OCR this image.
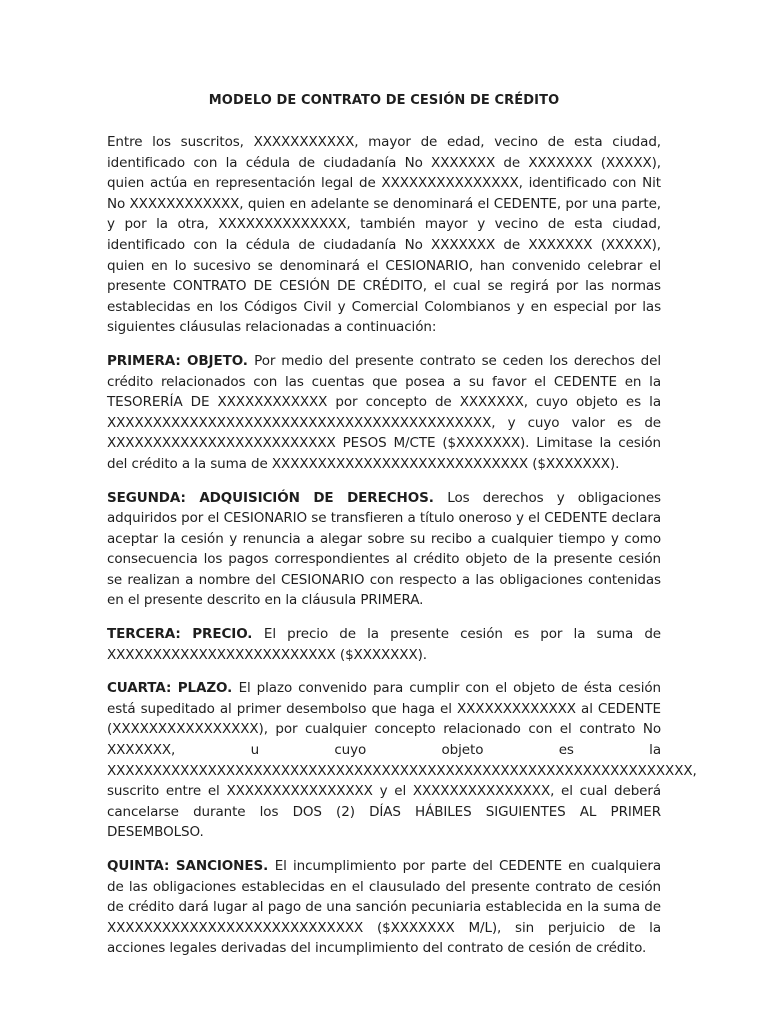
MODELO DE CONTRATO DE CESIÓN DE CRÉDITO

Entre los suscritos, XXXXXXXXXXX, mayor de edad, vecino de esta ciudad, identificado con la cédula de ciudadanía No XXXXXXX de XXXXXXX (XXXXX), quien actúa en representación legal de XXXXXXXXXXXXXXX, identificado con Nit No XXXXXXXXXXXX, quien en adelante se denominará el CEDENTE, por una parte, y por la otra, XXXXXXXXXXXXXX, también mayor y vecino de esta ciudad, identificado con la cédula de ciudadanía No XXXXXXX de XXXXXXX (XXXXX), quien en lo sucesivo se denominará el CESIONARIO, han convenido celebrar el presente CONTRATO DE CESIÓN DE CRÉDITO, el cual se regirá por las normas establecidas en los Códigos Civil y Comercial Colombianos y en especial por las siguientes cláusulas relacionadas a continuación:

PRIMERA: OBJETO. Por medio del presente contrato se ceden los derechos del crédito relacionados con las cuentas que posea a su favor el CEDENTE en la TESORERÍA DE XXXXXXXXXXXX por concepto de XXXXXXX, cuyo objeto es la XXXXXXXXXXXXXXXXXXXXXXXXXXXXXXXXXXXXXXXXXX, y cuyo valor es de XXXXXXXXXXXXXXXXXXXXXXXXX PESOS M/CTE ($XXXXXXX). Limitase la cesión del crédito a la suma de XXXXXXXXXXXXXXXXXXXXXXXXXXXX ($XXXXXXX).

SEGUNDA: ADQUISICIÓN DE DERECHOS. Los derechos y obligaciones adquiridos por el CESIONARIO se transfieren a título oneroso y el CEDENTE declara aceptar la cesión y renuncia a alegar sobre su recibo a cualquier tiempo y como consecuencia los pagos correspondientes al crédito objeto de la presente cesión se realizan a nombre del CESIONARIO con respecto a las obligaciones contenidas en el presente descrito en la cláusula PRIMERA.

TERCERA: PRECIO. El precio de la presente cesión es por la suma de XXXXXXXXXXXXXXXXXXXXXXXXX ($XXXXXXX).

CUARTA: PLAZO. El plazo convenido para cumplir con el objeto de ésta cesión está supeditado al primer desembolso que haga el XXXXXXXXXXXXX al CEDENTE (XXXXXXXXXXXXXXXX), por cualquier concepto relacionado con el contrato No XXXXXXX, u cuyo objeto es la XXXXXXXXXXXXXXXXXXXXXXXXXXXXXXXXXXXXXXXXXXXXXXXXXXXXXXXXXXXXXXXX, suscrito entre el XXXXXXXXXXXXXXXX y el XXXXXXXXXXXXXXX, el cual deberá cancelarse durante los DOS (2) DÍAS HÁBILES SIGUIENTES AL PRIMER DESEMBOLSO.

QUINTA: SANCIONES. El incumplimiento por parte del CEDENTE en cualquiera de las obligaciones establecidas en el clausulado del presente contrato de cesión de crédito dará lugar al pago de una sanción pecuniaria establecida en la suma de XXXXXXXXXXXXXXXXXXXXXXXXXXXX ($XXXXXXX M/L), sin perjuicio de la acciones legales derivadas del incumplimiento del contrato de cesión de crédito.
